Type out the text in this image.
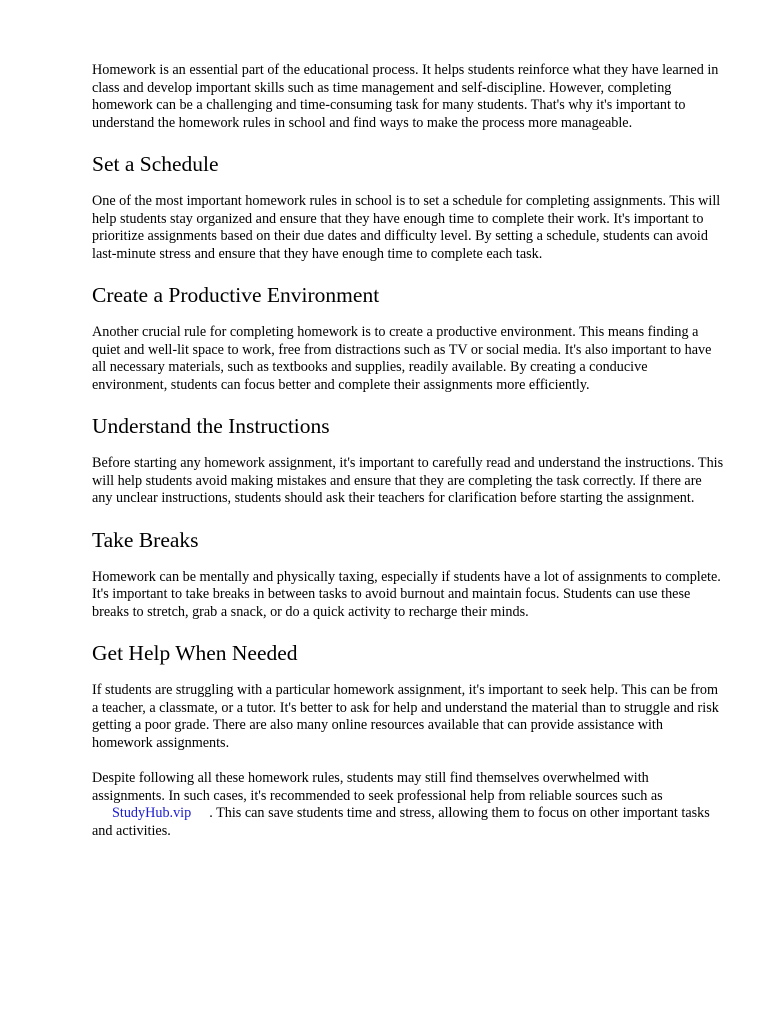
Homework is an essential part of the educational process. It helps students reinforce what they have learned in class and develop important skills such as time management and self-discipline. However, completing homework can be a challenging and time-consuming task for many students. That's why it's important to understand the homework rules in school and find ways to make the process more manageable.

Set a Schedule

One of the most important homework rules in school is to set a schedule for completing assignments. This will help students stay organized and ensure that they have enough time to complete their work. It's important to prioritize assignments based on their due dates and difficulty level. By setting a schedule, students can avoid last-minute stress and ensure that they have enough time to complete each task.

Create a Productive Environment

Another crucial rule for completing homework is to create a productive environment. This means finding a quiet and well-lit space to work, free from distractions such as TV or social media. It's also important to have all necessary materials, such as textbooks and supplies, readily available. By creating a conducive environment, students can focus better and complete their assignments more efficiently.

Understand the Instructions

Before starting any homework assignment, it's important to carefully read and understand the instructions. This will help students avoid making mistakes and ensure that they are completing the task correctly. If there are any unclear instructions, students should ask their teachers for clarification before starting the assignment.

Take Breaks

Homework can be mentally and physically taxing, especially if students have a lot of assignments to complete. It's important to take breaks in between tasks to avoid burnout and maintain focus. Students can use these breaks to stretch, grab a snack, or do a quick activity to recharge their minds.

Get Help When Needed

If students are struggling with a particular homework assignment, it's important to seek help. This can be from a teacher, a classmate, or a tutor. It's better to ask for help and understand the material than to struggle and risk getting a poor grade. There are also many online resources available that can provide assistance with homework assignments.

Despite following all these homework rules, students may still find themselves overwhelmed with assignments. In such cases, it's recommended to seek professional help from reliable sources such as StudyHub.vip . This can save students time and stress, allowing them to focus on other important tasks and activities.
